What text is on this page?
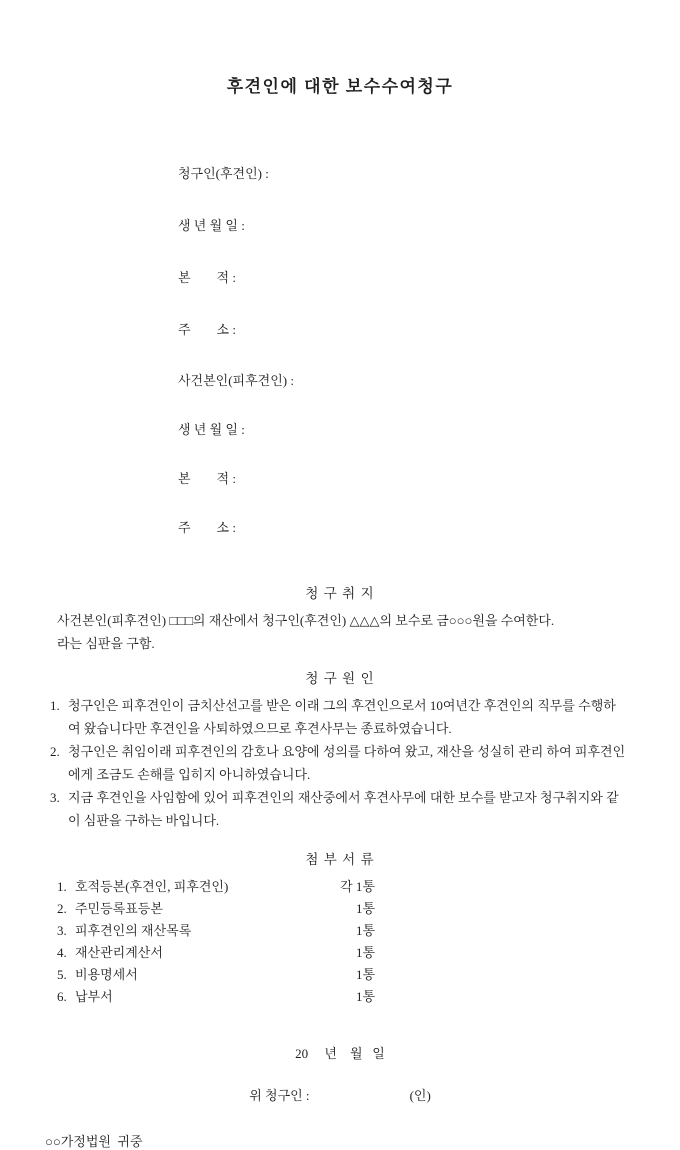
후견인에 대한 보수수여청구

청구인(후견인) :

생 년 월 일 :

본        적 :

주        소 :

사건본인(피후견인) :

생 년 월 일 :

본        적 :

주        소 :

청 구 취 지
사건본인(피후견인) □□□의 재산에서 청구인(후견인) △△△의 보수로 금○○○원을 수여한다.
라는 심판을 구함.
청 구 원 인
1. 청구인은 피후견인이 금치산선고를 받은 이래 그의 후견인으로서 10여년간 후견인의 직무를 수행하여 왔습니다만 후견인을 사퇴하였으므로 후견사무는 종료하였습니다.
2. 청구인은 취임이래 피후견인의 감호나 요양에 성의를 다하여 왔고, 재산을 성실히 관리 하여 피후견인에게 조금도 손해를 입히지 아니하였습니다.
3. 지금 후견인을 사임함에 있어 피후견인의 재산중에서 후견사무에 대한 보수를 받고자 청구취지와 같이 심판을 구하는 바입니다.
첨 부 서 류
1. 호적등본(후견인, 피후견인)	각 1통
2. 주민등록표등본	1통
3. 피후견인의 재산목록	1통
4. 재산관리계산서	1통
5. 비용명세서	1통
6. 납부서	1통
20     년    월   일
위 청구인 :	(인)
○○가정법원  귀중
